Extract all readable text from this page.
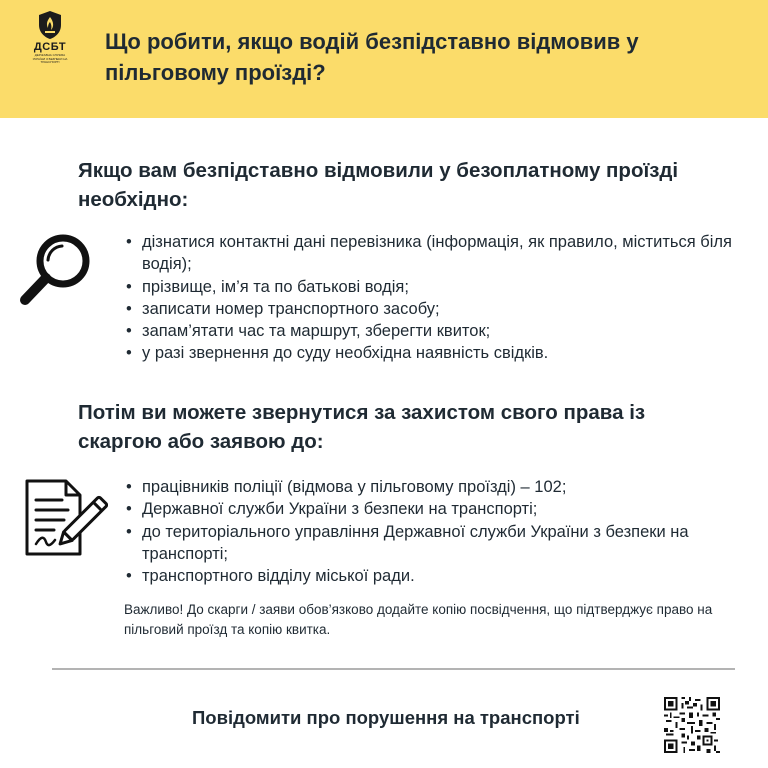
ДСБТ
ДЕРЖАВНА СЛУЖБА УКРАЇНИ З БЕЗПЕКИ НА ТРАНСПОРТІ
Що робити, якщо водій безпідставно відмовив у пільговому проїзді?
Якщо вам безпідставно відмовили у безоплатному проїзді необхідно:
• дізнатися контактні дані перевізника (інформація, як правило, міститься біля водія);
• прізвище, ім’я та по батькові водія;
• записати номер транспортного засобу;
• запам’ятати час та маршрут, зберегти квиток;
• у разі звернення до суду необхідна наявність свідків.
Потім ви можете звернутися за захистом свого права із скаргою або заявою до:
• працівників поліції (відмова у пільговому проїзді) – 102;
• Державної служби України з безпеки на транспорті;
• до територіального управління Державної служби України з безпеки на транспорті;
• транспортного відділу міської ради.
Важливо! До скарги / заяви обов’язково додайте копію посвідчення, що підтверджує право на пільговий проїзд та копію квитка.
Повідомити про порушення на транспорті
